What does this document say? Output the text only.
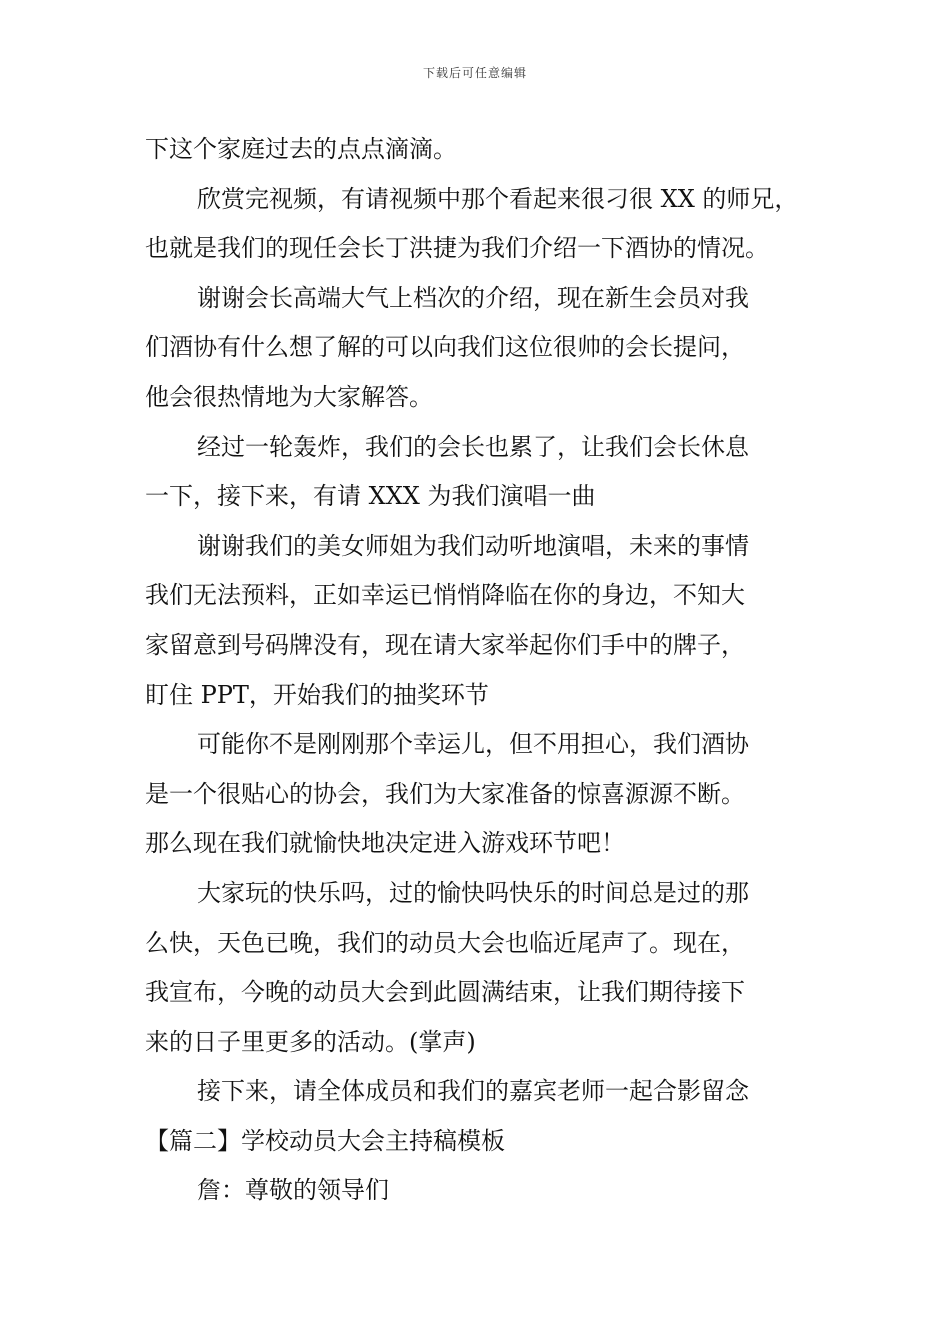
下载后可任意编辑

下这个家庭过去的点点滴滴。

欣赏完视频，有请视频中那个看起来很刁很 XX 的师兄，

也就是我们的现任会长丁洪捷为我们介绍一下酒协的情况。

谢谢会长高端大气上档次的介绍，现在新生会员对我

们酒协有什么想了解的可以向我们这位很帅的会长提问，

他会很热情地为大家解答。

经过一轮轰炸，我们的会长也累了，让我们会长休息

一下，接下来，有请 XXX 为我们演唱一曲

谢谢我们的美女师姐为我们动听地演唱，未来的事情

我们无法预料，正如幸运已悄悄降临在你的身边，不知大

家留意到号码牌没有，现在请大家举起你们手中的牌子，

盯住 PPT，开始我们的抽奖环节

可能你不是刚刚那个幸运儿，但不用担心，我们酒协

是一个很贴心的协会，我们为大家准备的惊喜源源不断。

那么现在我们就愉快地决定进入游戏环节吧！

大家玩的快乐吗，过的愉快吗快乐的时间总是过的那

么快，天色已晚，我们的动员大会也临近尾声了。现在，

我宣布，今晚的动员大会到此圆满结束，让我们期待接下

来的日子里更多的活动。(掌声)

接下来，请全体成员和我们的嘉宾老师一起合影留念

【篇二】学校动员大会主持稿模板

詹：尊敬的领导们
